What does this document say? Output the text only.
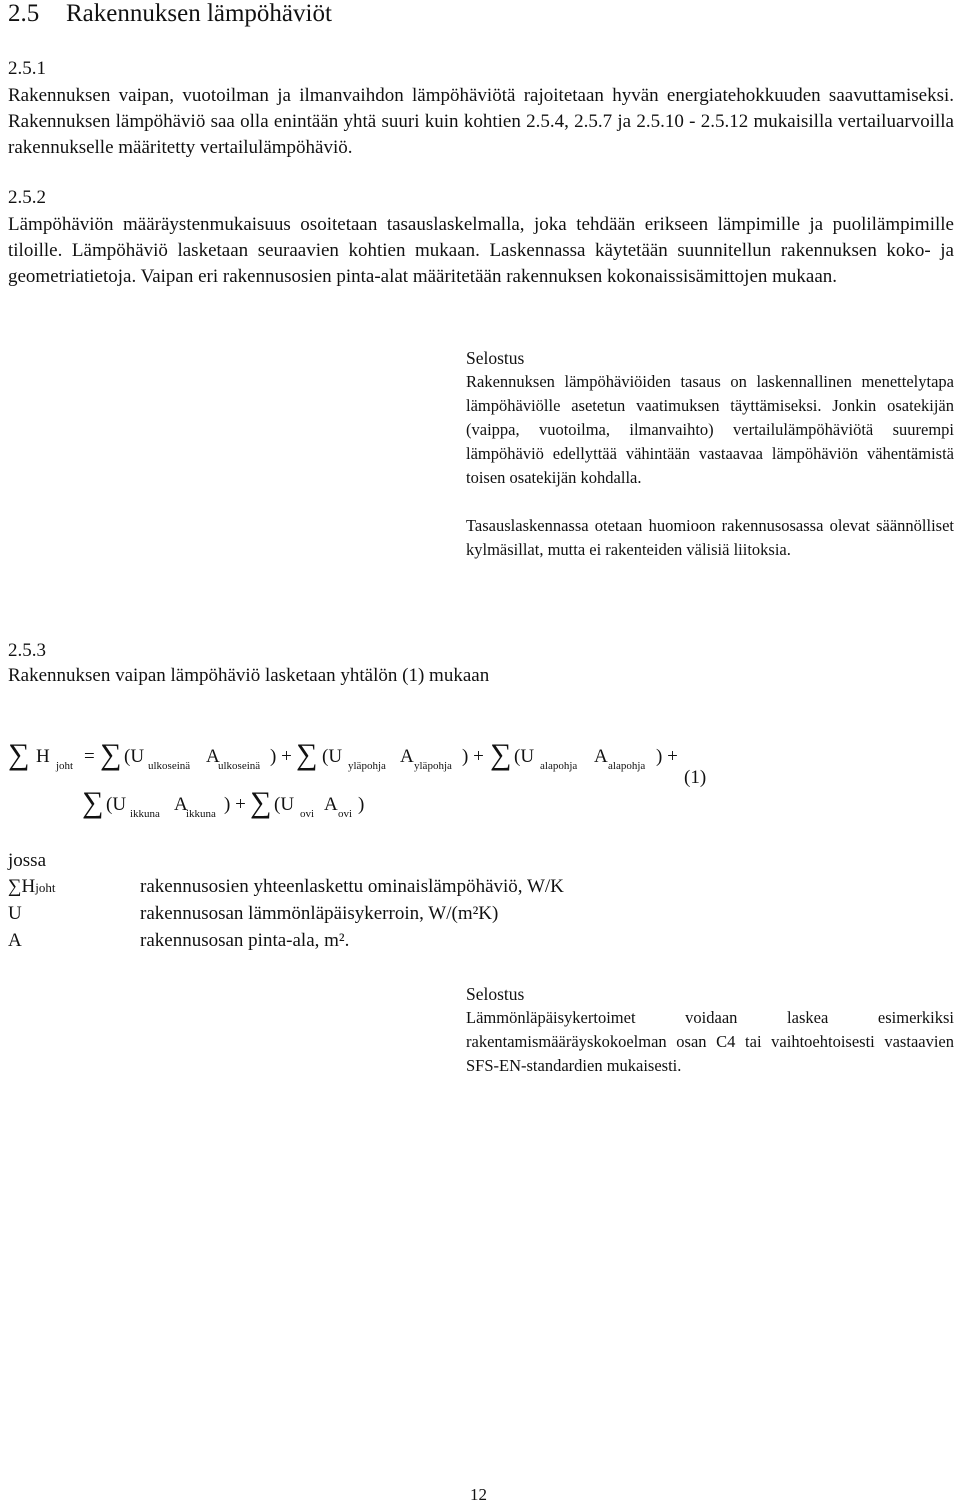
2.5 Rakennuksen lämpöhäviöt
2.5.1
Rakennuksen vaipan, vuotoilman ja ilmanvaihdon lämpöhäviötä rajoitetaan hyvän energiatehokkuuden saavuttamiseksi. Rakennuksen lämpöhäviö saa olla enintään yhtä suuri kuin kohtien 2.5.4, 2.5.7 ja 2.5.10 - 2.5.12 mukaisilla vertailuarvoilla rakennukselle määritetty vertailulämpöhäviö.
2.5.2
Lämpöhäviön määräystenmukaisuus osoitetaan tasauslaskelmalla, joka tehdään erikseen lämpimille ja puolilämpimille tiloille. Lämpöhäviö lasketaan seuraavien kohtien mukaan. Laskennassa käytetään suunnitellun rakennuksen koko- ja geometriatietoja. Vaipan eri rakennusosien pinta-alat määritetään rakennuksen kokonaissisämittojen mukaan.
Selostus
Rakennuksen lämpöhäviöiden tasaus on laskennallinen menettelytapa lämpöhäviölle asetetun vaatimuksen täyttämiseksi. Jonkin osatekijän (vaippa, vuotoilma, ilmanvaihto) vertailulämpöhäviötä suurempi lämpöhäviö edellyttää vähintään vastaavaa lämpöhäviön vähentämistä toisen osatekijän kohdalla.
Tasauslaskennassa otetaan huomioon rakennusosassa olevat säännölliset kylmäsillat, mutta ei rakenteiden välisiä liitoksia.
2.5.3
Rakennuksen vaipan lämpöhäviö lasketaan yhtälön (1) mukaan
∑ H joht = ∑ (U ulkoseinä A
ulkoseinä ) + ∑ (U yläpohja A yläpohja ) + ∑ (U alapohja A alapohja ) +
(1)
∑ (U ikkuna A
ikkuna ) + ∑ (U ovi A ovi )
jossa
∑Hjoht	rakennusosien yhteenlaskettu ominaislämpöhäviö, W/K
U	rakennusosan lämmönläpäisykerroin, W/(m²K)
A	rakennusosan pinta-ala, m².
Selostus
Lämmönläpäisykertoimet voidaan laskea esimerkiksi rakentamismääräyskokoelman osan C4 tai vaihtoehtoisesti vastaavien SFS-EN-standardien mukaisesti.
12
